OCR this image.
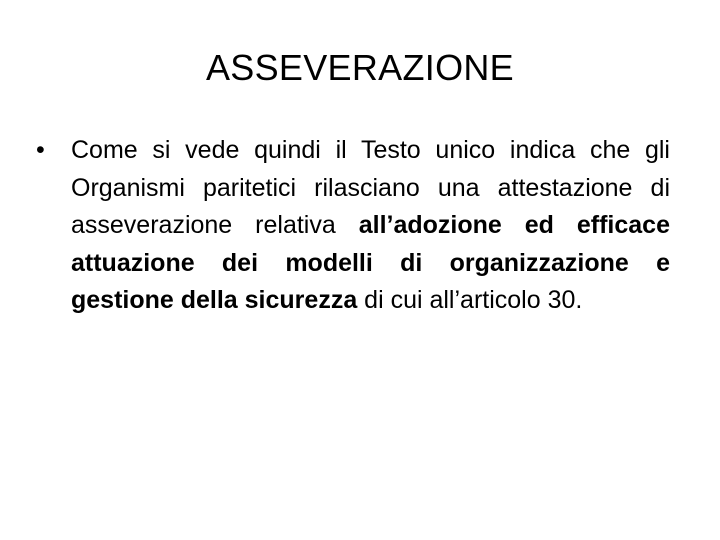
ASSEVERAZIONE

•	Come si vede quindi il Testo unico indica che gli Organismi paritetici rilasciano una attestazione di asseverazione relativa all’adozione ed efficace attuazione dei modelli di organizzazione e gestione della sicurezza di cui all’articolo 30.
